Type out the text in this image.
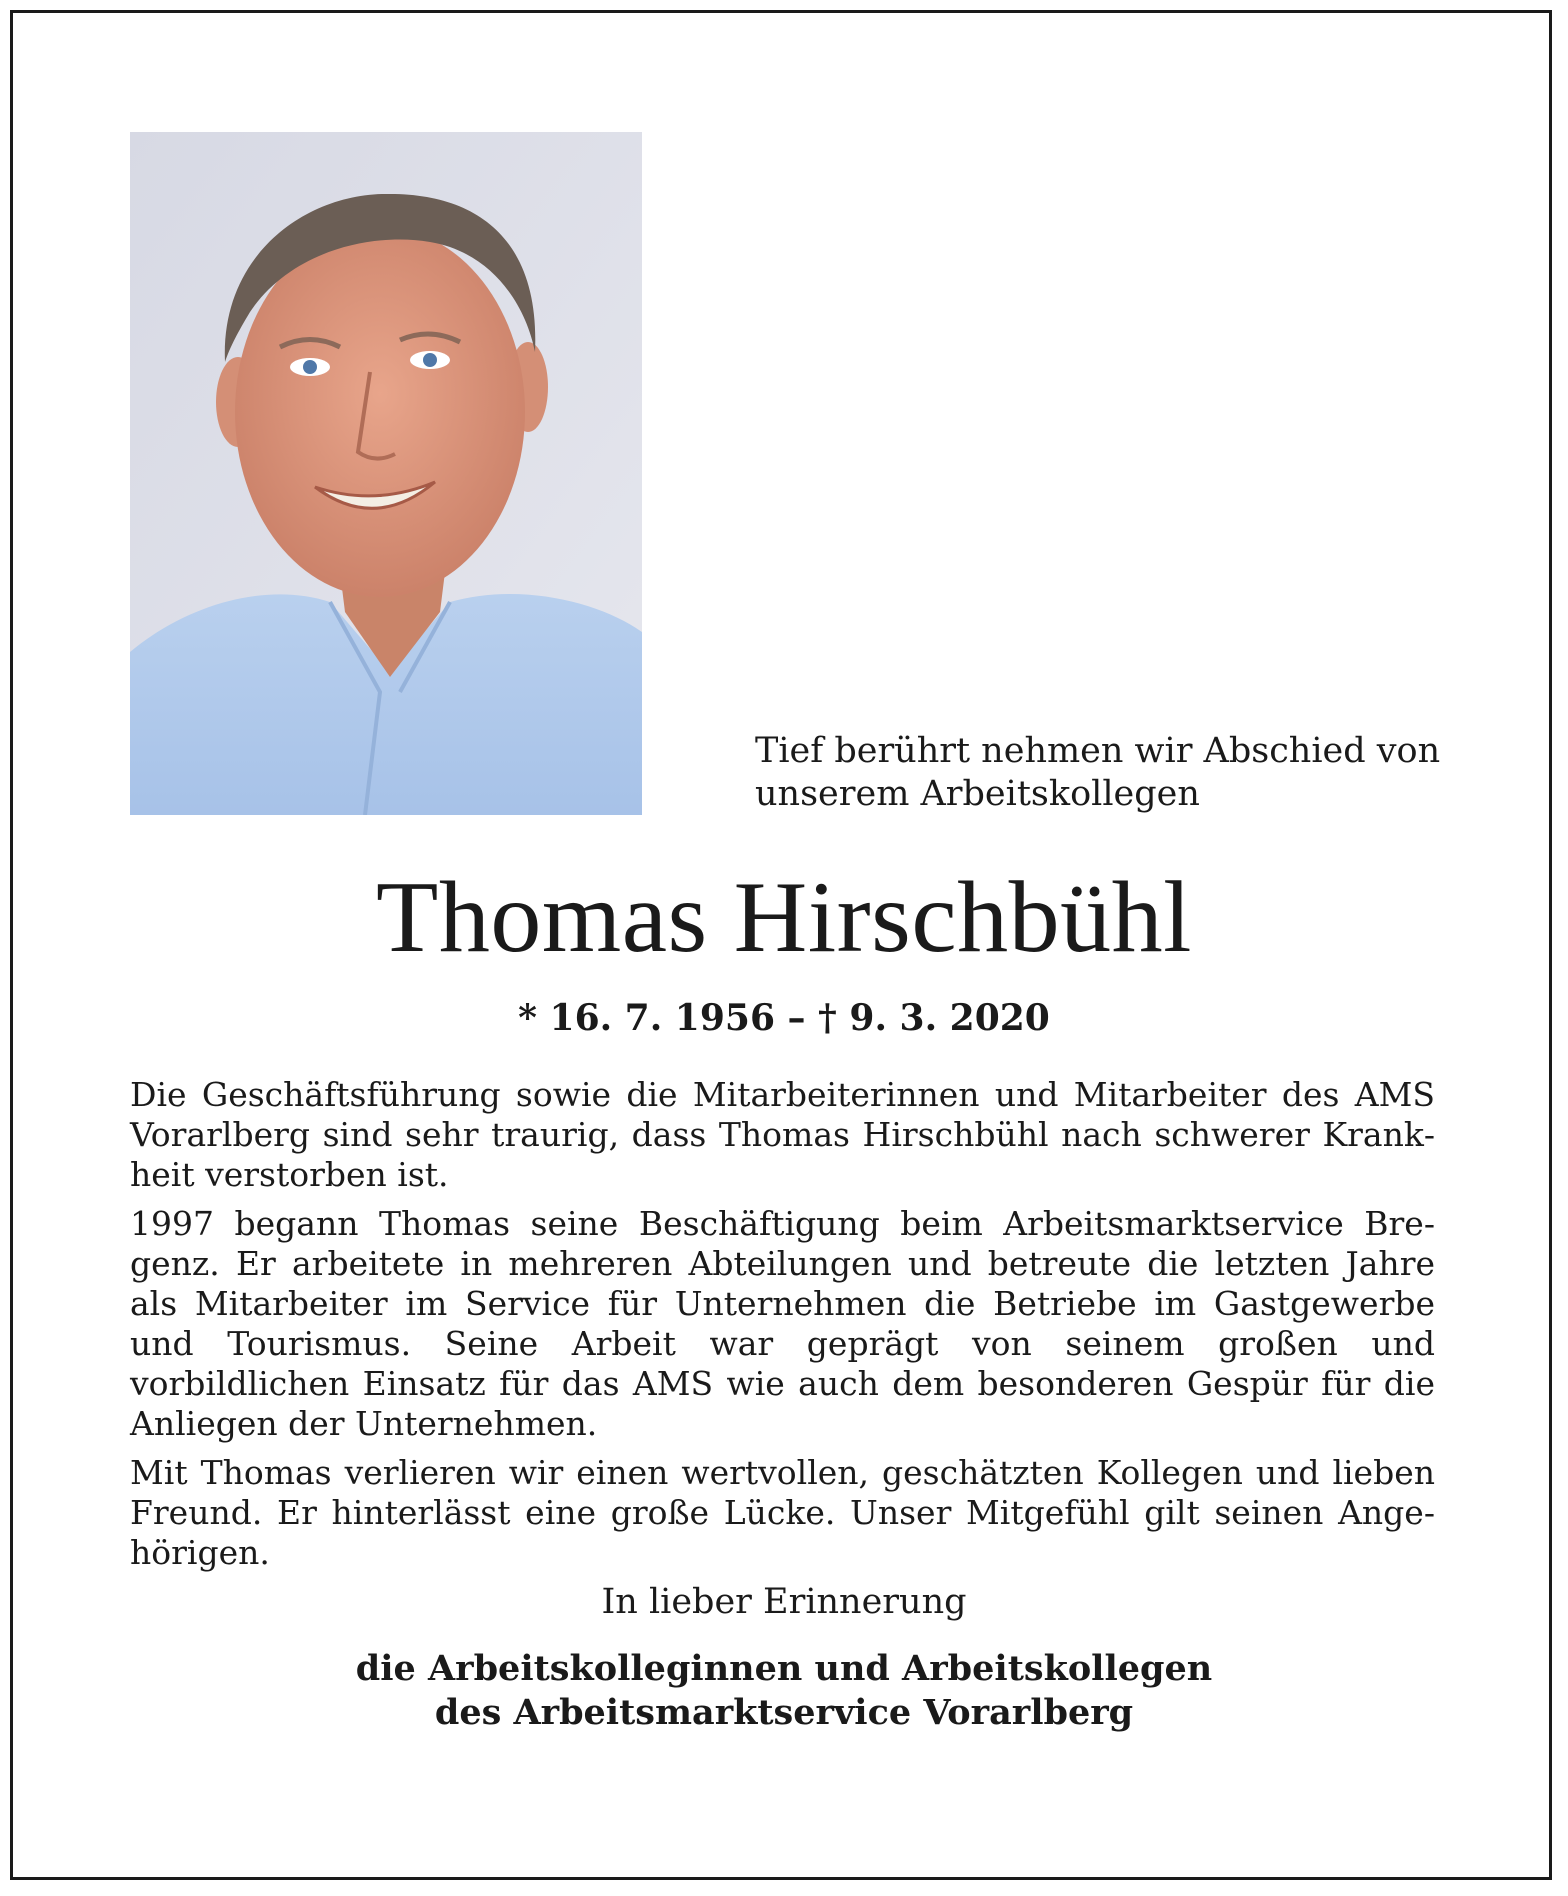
Tief berührt nehmen wir Abschied von
unserem Arbeitskollegen
Thomas Hirschbühl
* 16. 7. 1956 – † 9. 3. 2020

Die Geschäftsführung sowie die Mitarbeiterinnen und Mitarbeiter des AMS Vorarlberg sind sehr traurig, dass Thomas Hirschbühl nach schwerer Krankheit verstorben ist.

1997 begann Thomas seine Beschäftigung beim Arbeitsmarktservice Bregenz. Er arbeitete in mehreren Abteilungen und betreute die letzten Jahre als Mitarbeiter im Service für Unternehmen die Betriebe im Gastgewerbe und Tourismus. Seine Arbeit war geprägt von seinem großen und vorbildlichen Einsatz für das AMS wie auch dem besonderen Gespür für die Anliegen der Unternehmen.

Mit Thomas verlieren wir einen wertvollen, geschätzten Kollegen und lieben Freund. Er hinterlässt eine große Lücke. Unser Mitgefühl gilt seinen Angehörigen.

In lieber Erinnerung
die Arbeitskolleginnen und Arbeitskollegen
des Arbeitsmarktservice Vorarlberg
